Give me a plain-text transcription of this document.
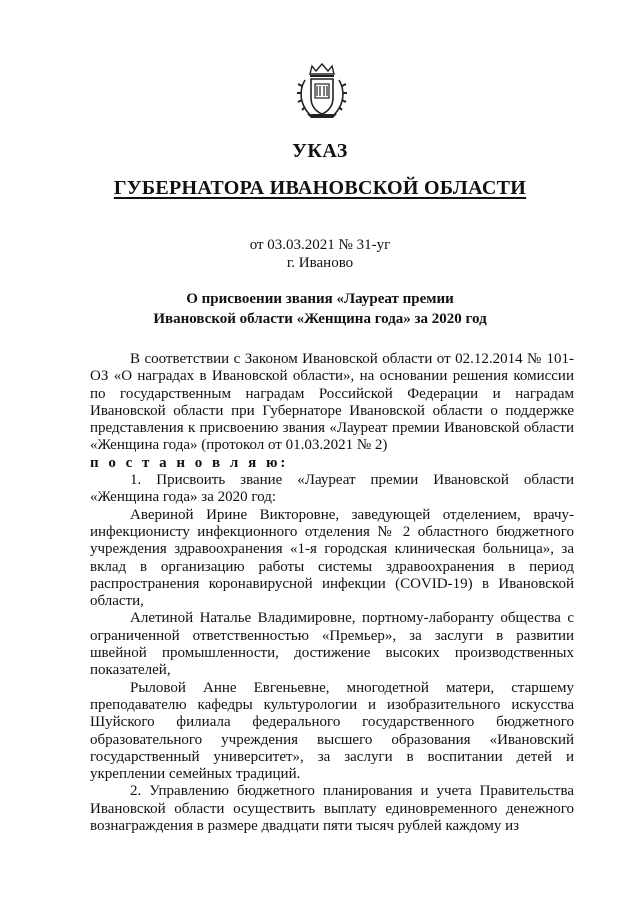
УКАЗ
ГУБЕРНАТОРА ИВАНОВСКОЙ ОБЛАСТИ
от 03.03.2021 № 31-уг
г. Иваново
О присвоении звания «Лауреат премии
Ивановской области «Женщина года» за 2020 год

В соответствии с Законом Ивановской области от 02.12.2014 № 101-ОЗ «О наградах в Ивановской области», на основании решения комиссии по государственным наградам Российской Федерации и наградам Ивановской области при Губернаторе Ивановской области о поддержке представления к присвоению звания «Лауреат премии Ивановской области «Женщина года» (протокол от 01.03.2021 № 2)

п о с т а н о в л я ю:

1. Присвоить звание «Лауреат премии Ивановской области «Женщина года» за 2020 год:

Авериной Ирине Викторовне, заведующей отделением, врачу-инфекционисту инфекционного отделения № 2 областного бюджетного учреждения здравоохранения «1-я городская клиническая больница», за вклад в организацию работы системы здравоохранения в период распространения коронавирусной инфекции (COVID-19) в Ивановской области,

Алетиной Наталье Владимировне, портному-лаборанту общества с ограниченной ответственностью «Премьер», за заслуги в развитии швейной промышленности, достижение высоких производственных показателей,

Рыловой Анне Евгеньевне, многодетной матери, старшему преподавателю кафедры культурологии и изобразительного искусства Шуйского филиала федерального государственного бюджетного образовательного учреждения высшего образования «Ивановский государственный университет», за заслуги в воспитании детей и укреплении семейных традиций.

2. Управлению бюджетного планирования и учета Правительства Ивановской области осуществить выплату единовременного денежного вознаграждения в размере двадцати пяти тысяч рублей каждому из
